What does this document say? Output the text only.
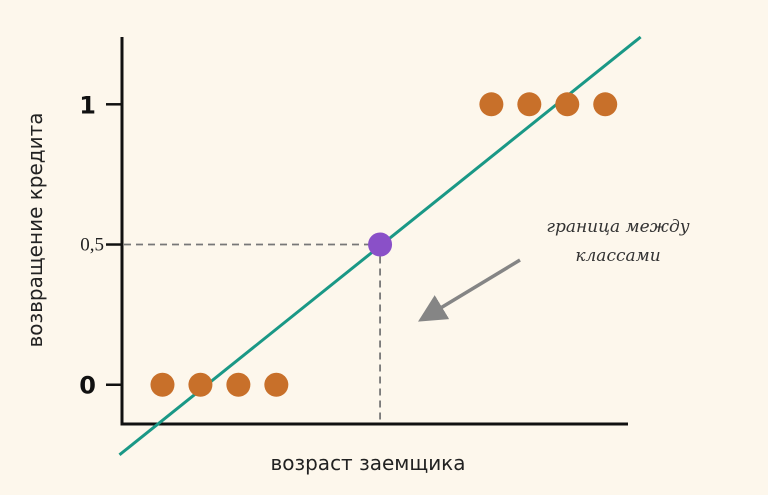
0
0,5
1
возраст заемщика
возвращение кредита	граница между
классами
